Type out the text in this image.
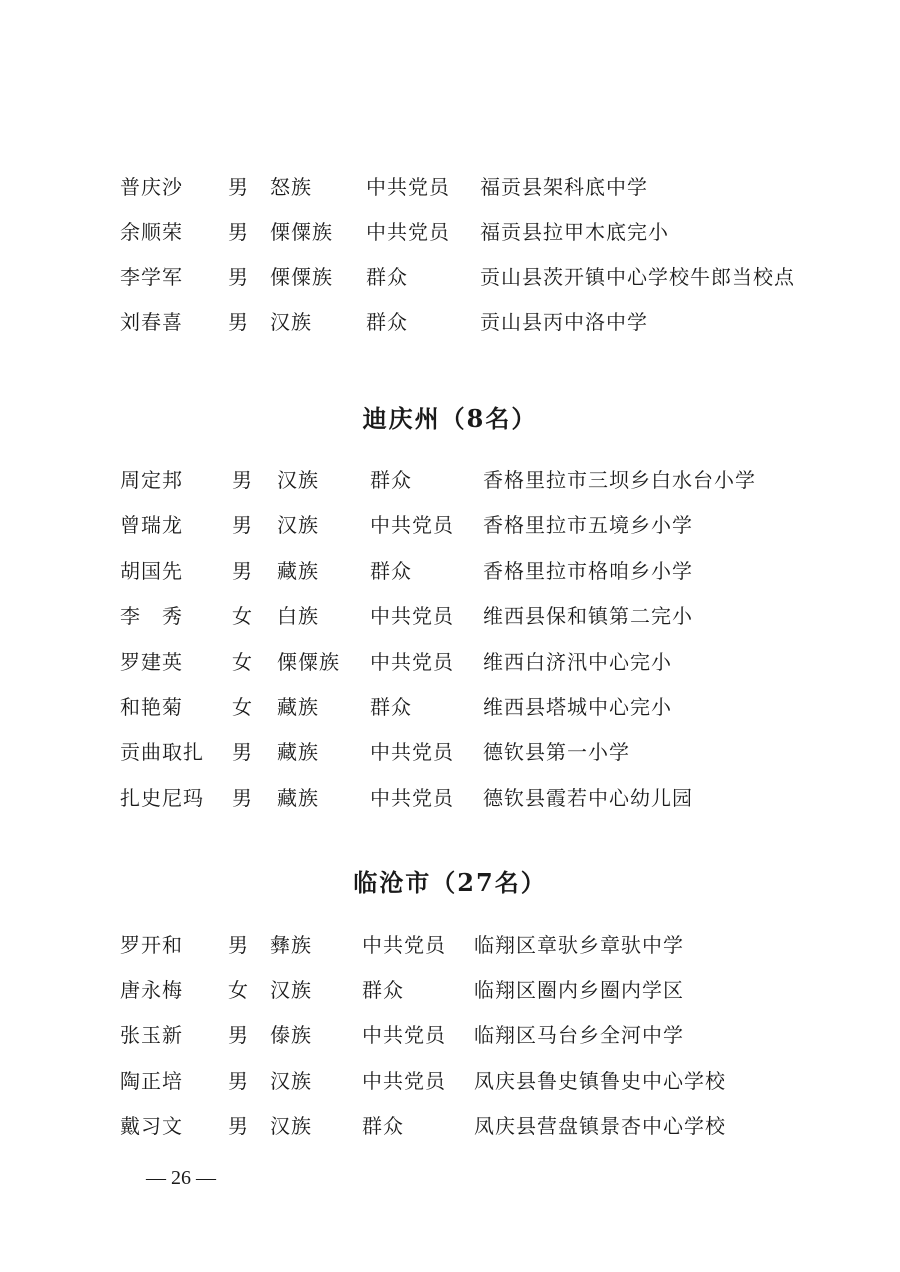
普庆沙 男 怒族	中共党员 福贡县架科底中学
余顺荣 男 傈僳族 中共党员 福贡县拉甲木底完小
李学军 男 傈僳族 群众	贡山县茨开镇中心学校牛郎当校点
刘春喜 男 汉族	群众	贡山县丙中洛中学
迪庆州（8名）
周定邦 男 汉族	群众	香格里拉市三坝乡白水台小学
曾瑞龙 男 汉族	中共党员 香格里拉市五境乡小学
胡国先 男 藏族	群众	香格里拉市格咱乡小学
李　秀 女 白族	中共党员 维西县保和镇第二完小
罗建英 女 傈僳族 中共党员 维西白济汛中心完小
和艳菊 女 藏族	群众	维西县塔城中心完小
贡曲取扎 男 藏族	中共党员 德钦县第一小学
扎史尼玛 男 藏族	中共党员 德钦县霞若中心幼儿园
临沧市（27名）
罗开和 男 彝族	中共党员 临翔区章驮乡章驮中学
唐永梅 女 汉族	群众	临翔区圈内乡圈内学区
张玉新 男 傣族	中共党员 临翔区马台乡全河中学
陶正培 男 汉族	中共党员 凤庆县鲁史镇鲁史中心学校
戴习文 男 汉族	群众	凤庆县营盘镇景杏中心学校
— 26 —
